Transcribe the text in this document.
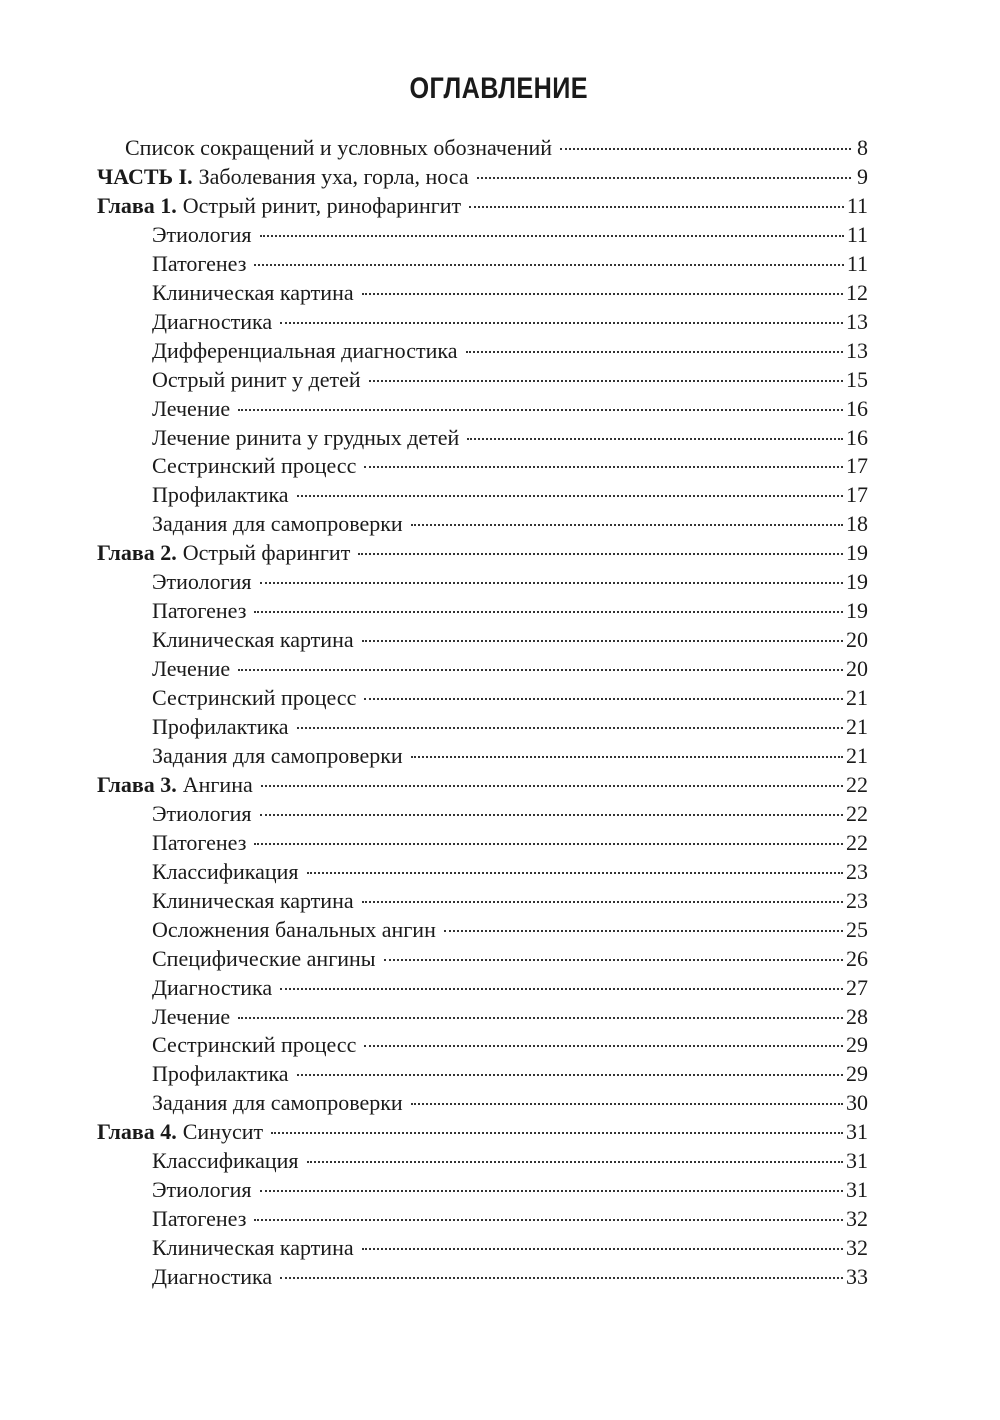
ОГЛАВЛЕНИЕ
Список сокращений и условных обозначений	8
ЧАСТЬ I. Заболевания уха, горла, носа	9
Глава 1. Острый ринит, ринофарингит	11
Этиология	11
Патогенез	11
Клиническая картина	12
Диагностика	13
Дифференциальная диагностика	13
Острый ринит у детей	15
Лечение	16
Лечение ринита у грудных детей	16
Сестринский процесс	17
Профилактика	17
Задания для самопроверки	18
Глава 2. Острый фарингит	19
Этиология	19
Патогенез	19
Клиническая картина	20
Лечение	20
Сестринский процесс	21
Профилактика	21
Задания для самопроверки	21
Глава 3. Ангина	22
Этиология	22
Патогенез	22
Классификация	23
Клиническая картина	23
Осложнения банальных ангин	25
Специфические ангины	26
Диагностика	27
Лечение	28
Сестринский процесс	29
Профилактика	29
Задания для самопроверки	30
Глава 4. Синусит	31
Классификация	31
Этиология	31
Патогенез	32
Клиническая картина	32
Диагностика	33
